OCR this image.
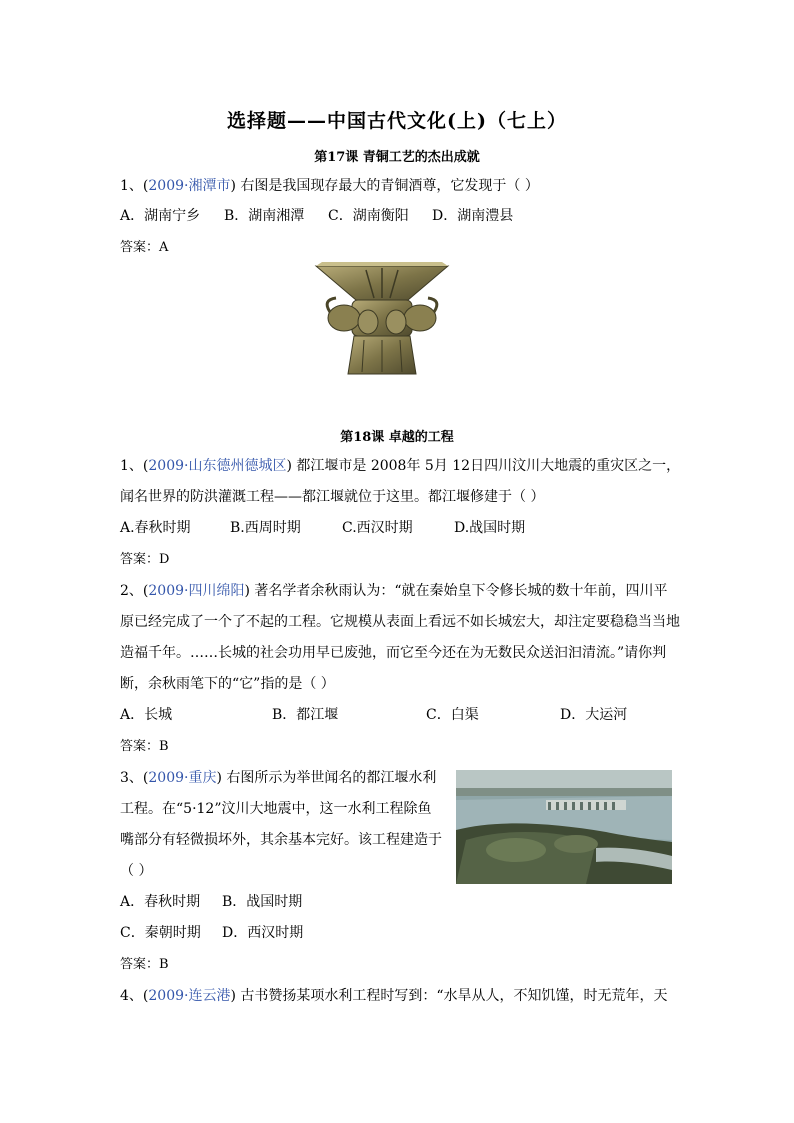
选择题——中国古代文化(上)（七上）
第17课 青铜工艺的杰出成就
1、(2009·湘潭市) 右图是我国现存最大的青铜酒尊，它发现于（ ）
A．湖南宁乡 B．湖南湘潭 C．湖南衡阳 D．湖南澧县
答案：A
第18课 卓越的工程
1、(2009·山东德州德城区) 都江堰市是 2008年 5月 12日四川汶川大地震的重灾区之一，
闻名世界的防洪灌溉工程——都江堰就位于这里。都江堰修建于（ ）
A.春秋时期	B.西周时期	C.西汉时期	D.战国时期
答案：D
2、(2009·四川绵阳) 著名学者余秋雨认为：“就在秦始皇下令修长城的数十年前，四川平
原已经完成了一个了不起的工程。它规模从表面上看远不如长城宏大，却注定要稳稳当当地
造福千年。……长城的社会功用早已废弛，而它至今还在为无数民众送汩汩清流。”请你判
断，余秋雨笔下的“它”指的是（ ）
A．长城	B．都江堰	C．白渠	D．大运河
答案：B
3、(2009·重庆) 右图所示为举世闻名的都江堰水利
工程。在“5·12”汶川大地震中，这一水利工程除鱼
嘴部分有轻微损坏外，其余基本完好。该工程建造于
（ ）
A．春秋时期 B．战国时期
C．秦朝时期 D．西汉时期
答案：B
4、(2009·连云港) 古书赞扬某项水利工程时写到：“水旱从人，不知饥馑，时无荒年，天
